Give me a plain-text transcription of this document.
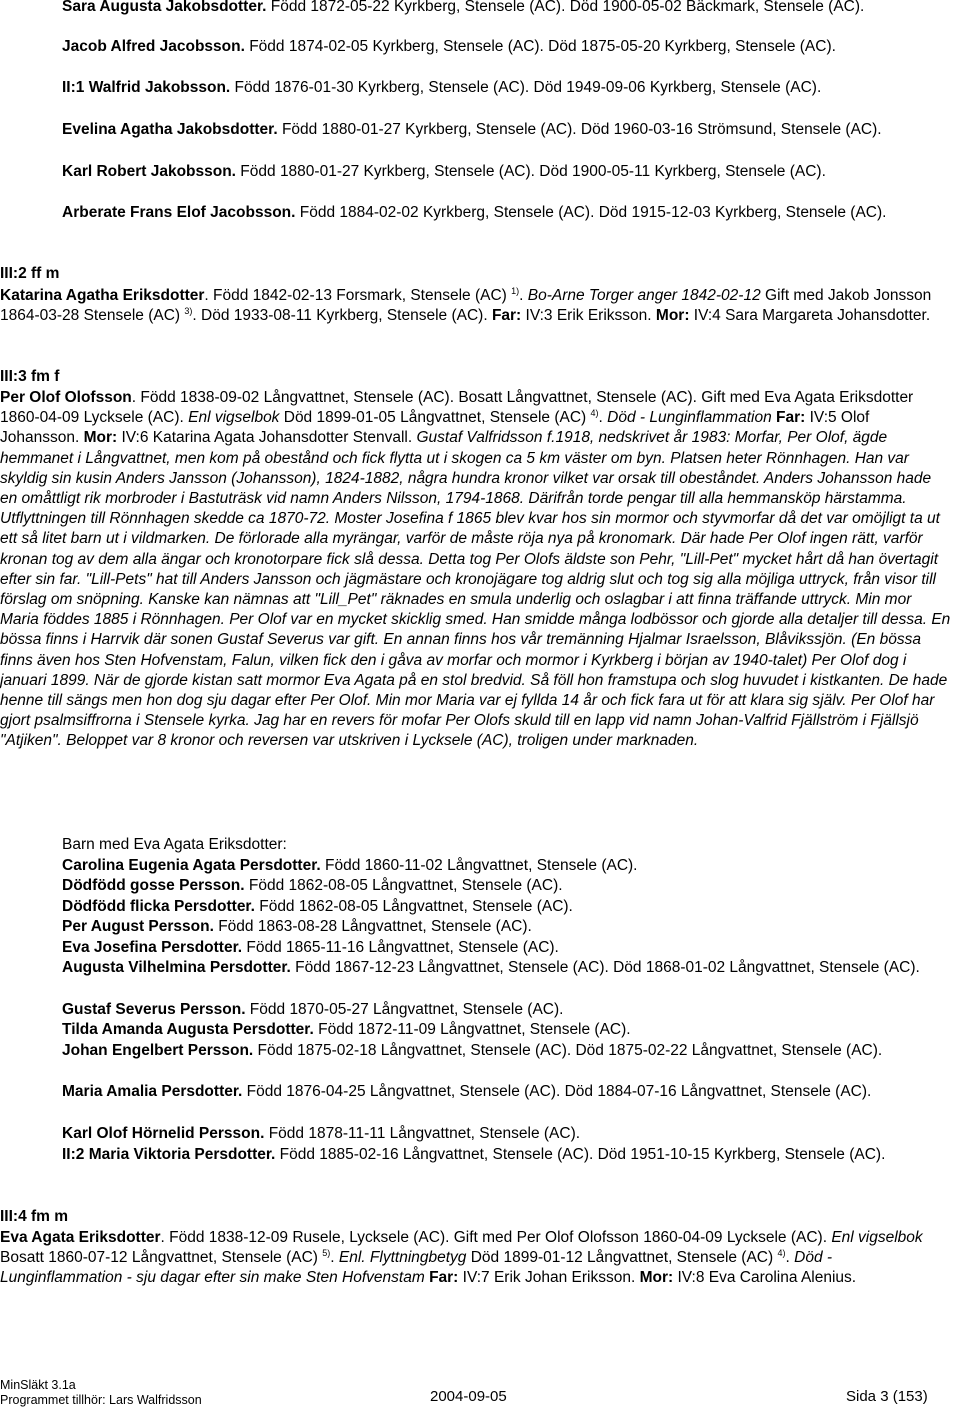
Sara Augusta Jakobsdotter. Född 1872-05-22 Kyrkberg, Stensele (AC). Död 1900-05-02 Bäckmark, Stensele (AC).
Jacob Alfred Jacobsson. Född 1874-02-05 Kyrkberg, Stensele (AC). Död 1875-05-20 Kyrkberg, Stensele (AC).
II:1 Walfrid Jakobsson. Född 1876-01-30 Kyrkberg, Stensele (AC). Död 1949-09-06 Kyrkberg, Stensele (AC).
Evelina Agatha Jakobsdotter. Född 1880-01-27 Kyrkberg, Stensele (AC). Död 1960-03-16 Strömsund, Stensele (AC).
Karl Robert Jakobsson. Född 1880-01-27 Kyrkberg, Stensele (AC). Död 1900-05-11 Kyrkberg, Stensele (AC).
Arberate Frans Elof Jacobsson. Född 1884-02-02 Kyrkberg, Stensele (AC). Död 1915-12-03 Kyrkberg, Stensele (AC).
III:2 ff m
Katarina Agatha Eriksdotter. Född 1842-02-13 Forsmark, Stensele (AC) $^{1)}$. Bo-Arne Torger anger 1842-02-12 Gift med Jakob Jonsson 1864-03-28 Stensele (AC) $^{3)}$. Död 1933-08-11 Kyrkberg, Stensele (AC). Far: IV:3 Erik Eriksson. Mor: IV:4 Sara Margareta Johansdotter.
III:3 fm f
Per Olof Olofsson. Född 1838-09-02 Långvattnet, Stensele (AC). Bosatt Långvattnet, Stensele (AC). Gift med Eva Agata Eriksdotter 1860-04-09 Lycksele (AC). Enl vigselbok Död 1899-01-05 Långvattnet, Stensele (AC) $^{4)}$. Död - Lunginflammation Far: IV:5 Olof Johansson. Mor: IV:6 Katarina Agata Johansdotter Stenvall. Gustaf Valfridsson f.1918, nedskrivet år 1983: Morfar, Per Olof, ägde hemmanet i Långvattnet, men kom på obestånd och fick flytta ut i skogen ca 5 km väster om byn. Platsen heter Rönnhagen. Han var skyldig sin kusin Anders Jansson (Johansson), 1824-1882, några hundra kronor vilket var orsak till obeståndet. Anders Johansson hade en omåttligt rik morbroder i Bastuträsk vid namn Anders Nilsson, 1794-1868. Därifrån torde pengar till alla hemmansköp härstamma. Utflyttningen till Rönnhagen skedde ca 1870-72. Moster Josefina f 1865 blev kvar hos sin mormor och styvmorfar då det var omöjligt ta ut ett så litet barn ut i vildmarken. De förlorade alla myrängar, varför de måste röja nya på kronomark. Där hade Per Olof ingen rätt, varför kronan tog av dem alla ängar och kronotorpare fick slå dessa. Detta tog Per Olofs äldste son Pehr, "Lill-Pet" mycket hårt då han övertagit efter sin far. "Lill-Pets" hat till Anders Jansson och jägmästare och kronojägare tog aldrig slut och tog sig alla möjliga uttryck, från visor till förslag om snöpning. Kanske kan nämnas att "Lill_Pet" räknades en smula underlig och oslagbar i att finna träffande uttryck. Min mor Maria föddes 1885 i Rönnhagen. Per Olof var en mycket skicklig smed. Han smidde många lodbössor och gjorde alla detaljer till dessa. En bössa finns i Harrvik där sonen Gustaf Severus var gift. En annan finns hos vår tremänning Hjalmar Israelsson, Blåvikssjön. (En bössa finns även hos Sten Hofvenstam, Falun, vilken fick den i gåva av morfar och mormor i Kyrkberg i början av 1940-talet) Per Olof dog i januari 1899. När de gjorde kistan satt mormor Eva Agata på en stol bredvid. Så föll hon framstupa och slog huvudet i kistkanten. De hade henne till sängs men hon dog sju dagar efter Per Olof. Min mor Maria var ej fyllda 14 år och fick fara ut för att klara sig själv. Per Olof har gjort psalmsiffrorna i Stensele kyrka. Jag har en revers för mofar Per Olofs skuld till en lapp vid namn Johan-Valfrid Fjällström i Fjällsjö "Atjiken". Beloppet var 8 kronor och reversen var utskriven i Lycksele (AC), troligen under marknaden.
Barn med Eva Agata Eriksdotter:
Carolina Eugenia Agata Persdotter. Född 1860-11-02 Långvattnet, Stensele (AC).
Dödfödd gosse Persson. Född 1862-08-05 Långvattnet, Stensele (AC).
Dödfödd flicka Persdotter. Född 1862-08-05 Långvattnet, Stensele (AC).
Per August Persson. Född 1863-08-28 Långvattnet, Stensele (AC).
Eva Josefina Persdotter. Född 1865-11-16 Långvattnet, Stensele (AC).
Augusta Vilhelmina Persdotter. Född 1867-12-23 Långvattnet, Stensele (AC). Död 1868-01-02 Långvattnet, Stensele (AC).
Gustaf Severus Persson. Född 1870-05-27 Långvattnet, Stensele (AC).
Tilda Amanda Augusta Persdotter. Född 1872-11-09 Långvattnet, Stensele (AC).
Johan Engelbert Persson. Född 1875-02-18 Långvattnet, Stensele (AC). Död 1875-02-22 Långvattnet, Stensele (AC).
Maria Amalia Persdotter. Född 1876-04-25 Långvattnet, Stensele (AC). Död 1884-07-16 Långvattnet, Stensele (AC).
Karl Olof Hörnelid Persson. Född 1878-11-11 Långvattnet, Stensele (AC).
II:2 Maria Viktoria Persdotter. Född 1885-02-16 Långvattnet, Stensele (AC). Död 1951-10-15 Kyrkberg, Stensele (AC).
III:4 fm m
Eva Agata Eriksdotter. Född 1838-12-09 Rusele, Lycksele (AC). Gift med Per Olof Olofsson 1860-04-09 Lycksele (AC). Enl vigselbok Bosatt 1860-07-12 Långvattnet, Stensele (AC) $^{5)}$. Enl. Flyttningbetyg Död 1899-01-12 Långvattnet, Stensele (AC) $^{4)}$. Död - Lunginflammation - sju dagar efter sin make Sten Hofvenstam Far: IV:7 Erik Johan Eriksson. Mor: IV:8 Eva Carolina Alenius.
MinSläkt 3.1a
Programmet tillhör: Lars Walfridsson	2004-09-05	Sida 3 (153)
